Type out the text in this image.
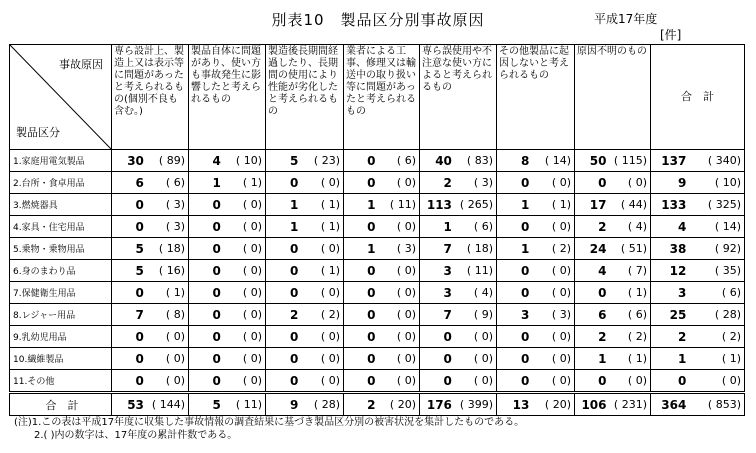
別表10　製品区分別事故原因	平成17年度
[件]
事故原因
製品区分	専ら設計上、製造上又は表示等に問題があったと考えられるもの(個別不良も含む。)	製品自体に問題があり、使い方も事故発生に影響したと考えられるもの	製造後長期間経過したり、長期間の使用により性能が劣化したと考えられるもの	業者による工事、修理又は輸送中の取り扱い等に問題があったと考えられるもの	専ら誤使用や不注意な使い方によると考えられるもの	その他製品に起因しないと考えられるもの	原因不明のもの	合　計
1.家庭用電気製品	30 ( 89)	4 ( 10)	5 ( 23)	0 ( 6)	40 ( 83)	8 ( 14)	50 ( 115)	137 ( 340)

2.台所・食卓用品	6 ( 6)	1 ( 1)	0 ( 0)	0 ( 0)	2 ( 3)	0 ( 0)	0 ( 0)	9 ( 10)

3.燃焼器具	0 ( 3)	0 ( 0)	1 ( 1)	1 ( 11)	113 ( 265)	1 ( 1)	17 ( 44)	133 ( 325)

4.家具・住宅用品	0 ( 3)	0 ( 0)	1 ( 1)	0 ( 0)	1 ( 6)	0 ( 0)	2 ( 4)	4 ( 14)

5.乗物・乗物用品	5 ( 18)	0 ( 0)	0 ( 0)	1 ( 3)	7 ( 18)	1 ( 2)	24 ( 51)	38 ( 92)

6.身のまわり品	5 ( 16)	0 ( 0)	0 ( 1)	0 ( 0)	3 ( 11)	0 ( 0)	4 ( 7)	12 ( 35)

7.保健衛生用品	0 ( 1)	0 ( 0)	0 ( 0)	0 ( 0)	3 ( 4)	0 ( 0)	0 ( 1)	3 ( 6)

8.レジャー用品	7 ( 8)	0 ( 0)	2 ( 2)	0 ( 0)	7 ( 9)	3 ( 3)	6 ( 6)	25 ( 28)

9.乳幼児用品	0 ( 0)	0 ( 0)	0 ( 0)	0 ( 0)	0 ( 0)	0 ( 0)	2 ( 2)	2 ( 2)

10.繊維製品	0 ( 0)	0 ( 0)	0 ( 0)	0 ( 0)	0 ( 0)	0 ( 0)	1 ( 1)	1 ( 1)

11.その他	0 ( 0)	0 ( 0)	0 ( 0)	0 ( 0)	0 ( 0)	0 ( 0)	0 ( 0)	0 ( 0)

合　計	53 ( 144)	5 ( 11)	9 ( 28)	2 ( 20)	176 ( 399)	13 ( 20)	106 ( 231)	364 ( 853)
(注)1.この表は平成17年度に収集した事故情報の調査結果に基づき製品区分別の被害状況を集計したものである。
2.( )内の数字は、17年度の累計件数である。
